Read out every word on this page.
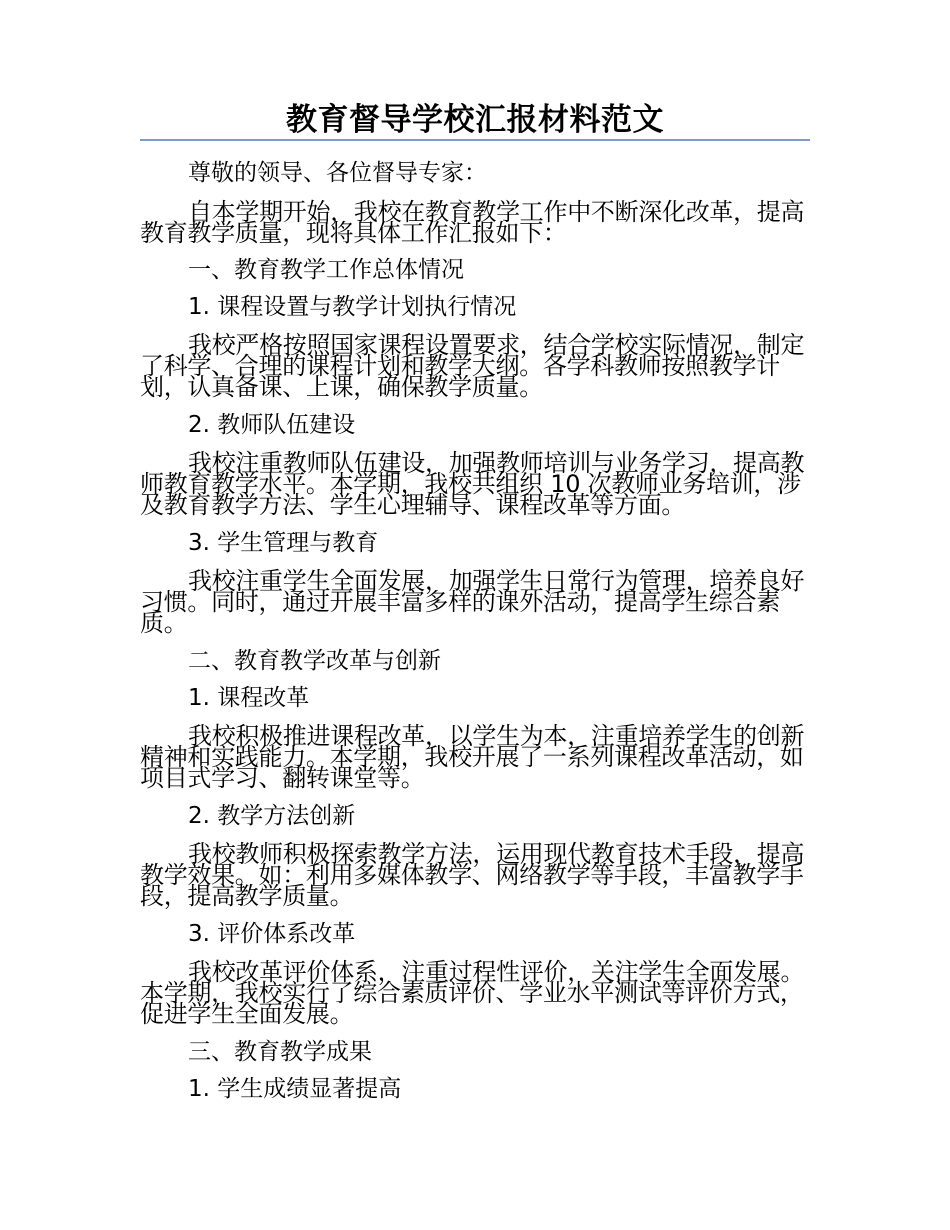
教育督导学校汇报材料范文

尊敬的领导、各位督导专家：

自本学期开始，我校在教育教学工作中不断深化改革，提高教育教学质量，现将具体工作汇报如下：

一、教育教学工作总体情况

1. 课程设置与教学计划执行情况

我校严格按照国家课程设置要求，结合学校实际情况，制定了科学、合理的课程计划和教学大纲。各学科教师按照教学计划，认真备课、上课，确保教学质量。

2. 教师队伍建设

我校注重教师队伍建设，加强教师培训与业务学习，提高教师教育教学水平。本学期，我校共组织 10 次教师业务培训，涉及教育教学方法、学生心理辅导、课程改革等方面。

3. 学生管理与教育

我校注重学生全面发展，加强学生日常行为管理，培养良好习惯。同时，通过开展丰富多样的课外活动，提高学生综合素质。

二、教育教学改革与创新

1. 课程改革

我校积极推进课程改革，以学生为本，注重培养学生的创新精神和实践能力。本学期，我校开展了一系列课程改革活动，如项目式学习、翻转课堂等。

2. 教学方法创新

我校教师积极探索教学方法，运用现代教育技术手段，提高教学效果。如：利用多媒体教学、网络教学等手段，丰富教学手段，提高教学质量。

3. 评价体系改革

我校改革评价体系，注重过程性评价，关注学生全面发展。本学期，我校实行了综合素质评价、学业水平测试等评价方式，促进学生全面发展。

三、教育教学成果

1. 学生成绩显著提高
